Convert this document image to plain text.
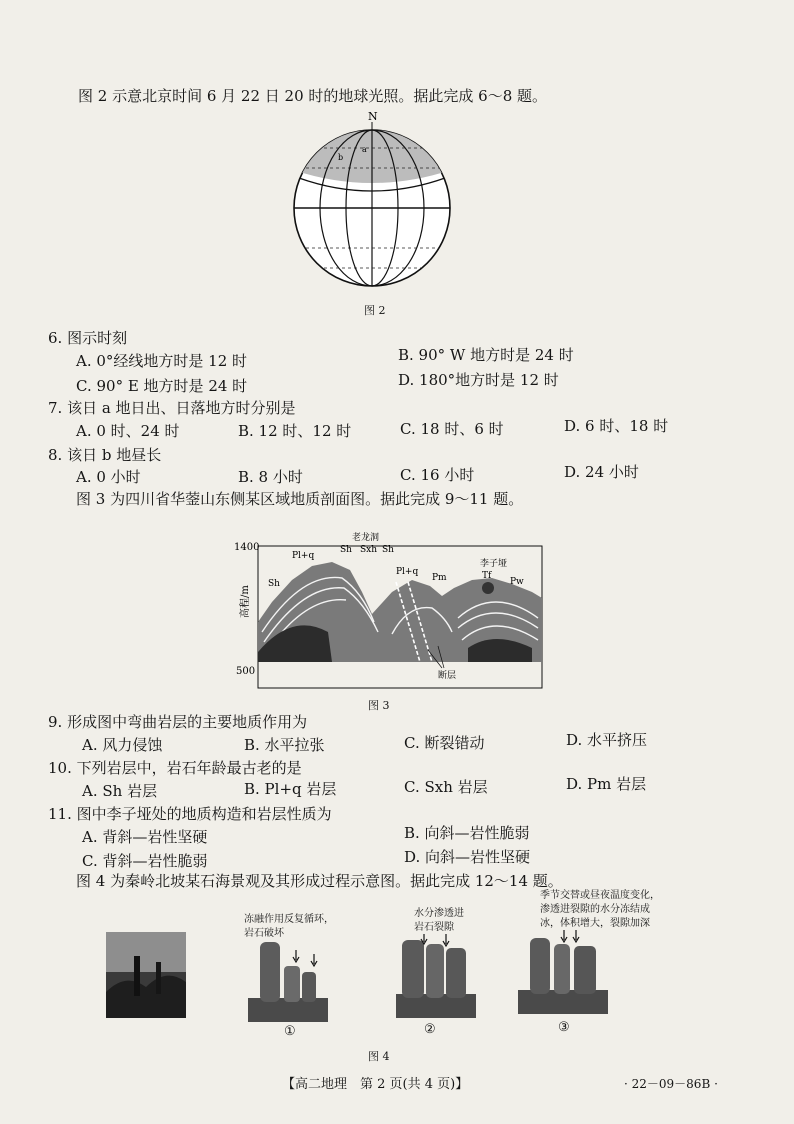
图 2 示意北京时间 6 月 22 日 20 时的地球光照。据此完成 6～8 题。
N
a
b
图 2
6. 图示时刻
A. 0°经线地方时是 12 时	B. 90° W 地方时是 24 时
C. 90° E 地方时是 24 时	D. 180°地方时是 12 时
7. 该日 a 地日出、日落地方时分别是
A. 0 时、24 时	B. 12 时、12 时	C. 18 时、6 时	D. 6 时、18 时
8. 该日 b 地昼长
A. 0 小时	B. 8 小时	C. 16 小时	D. 24 小时
图 3 为四川省华蓥山东侧某区域地质剖面图。据此完成 9～11 题。
1400
500
高程/m
Sh
Pl+q
Sh
老龙洞
Sxh Sh
Pl+q
Pm
李子垭
Tf
Pw
断层
图 3
9. 形成图中弯曲岩层的主要地质作用为
A. 风力侵蚀	B. 水平拉张	C. 断裂错动	D. 水平挤压
10. 下列岩层中，岩石年龄最古老的是
A. Sh 岩层	B. Pl+q 岩层	C. Sxh 岩层	D. Pm 岩层
11. 图中李子垭处的地质构造和岩层性质为
A. 背斜—岩性坚硬	B. 向斜—岩性脆弱
C. 背斜—岩性脆弱	D. 向斜—岩性坚硬
图 4 为秦岭北坡某石海景观及其形成过程示意图。据此完成 12～14 题。
冻融作用反复循环，
岩石破坏
①
水分渗透进
岩石裂隙
②
季节交替或昼夜温度变化，
渗透进裂隙的水分冻结成
冰，体积增大，裂隙加深
③
图 4
【高二地理　第 2 页(共 4 页)】	· 22－09－86B ·
